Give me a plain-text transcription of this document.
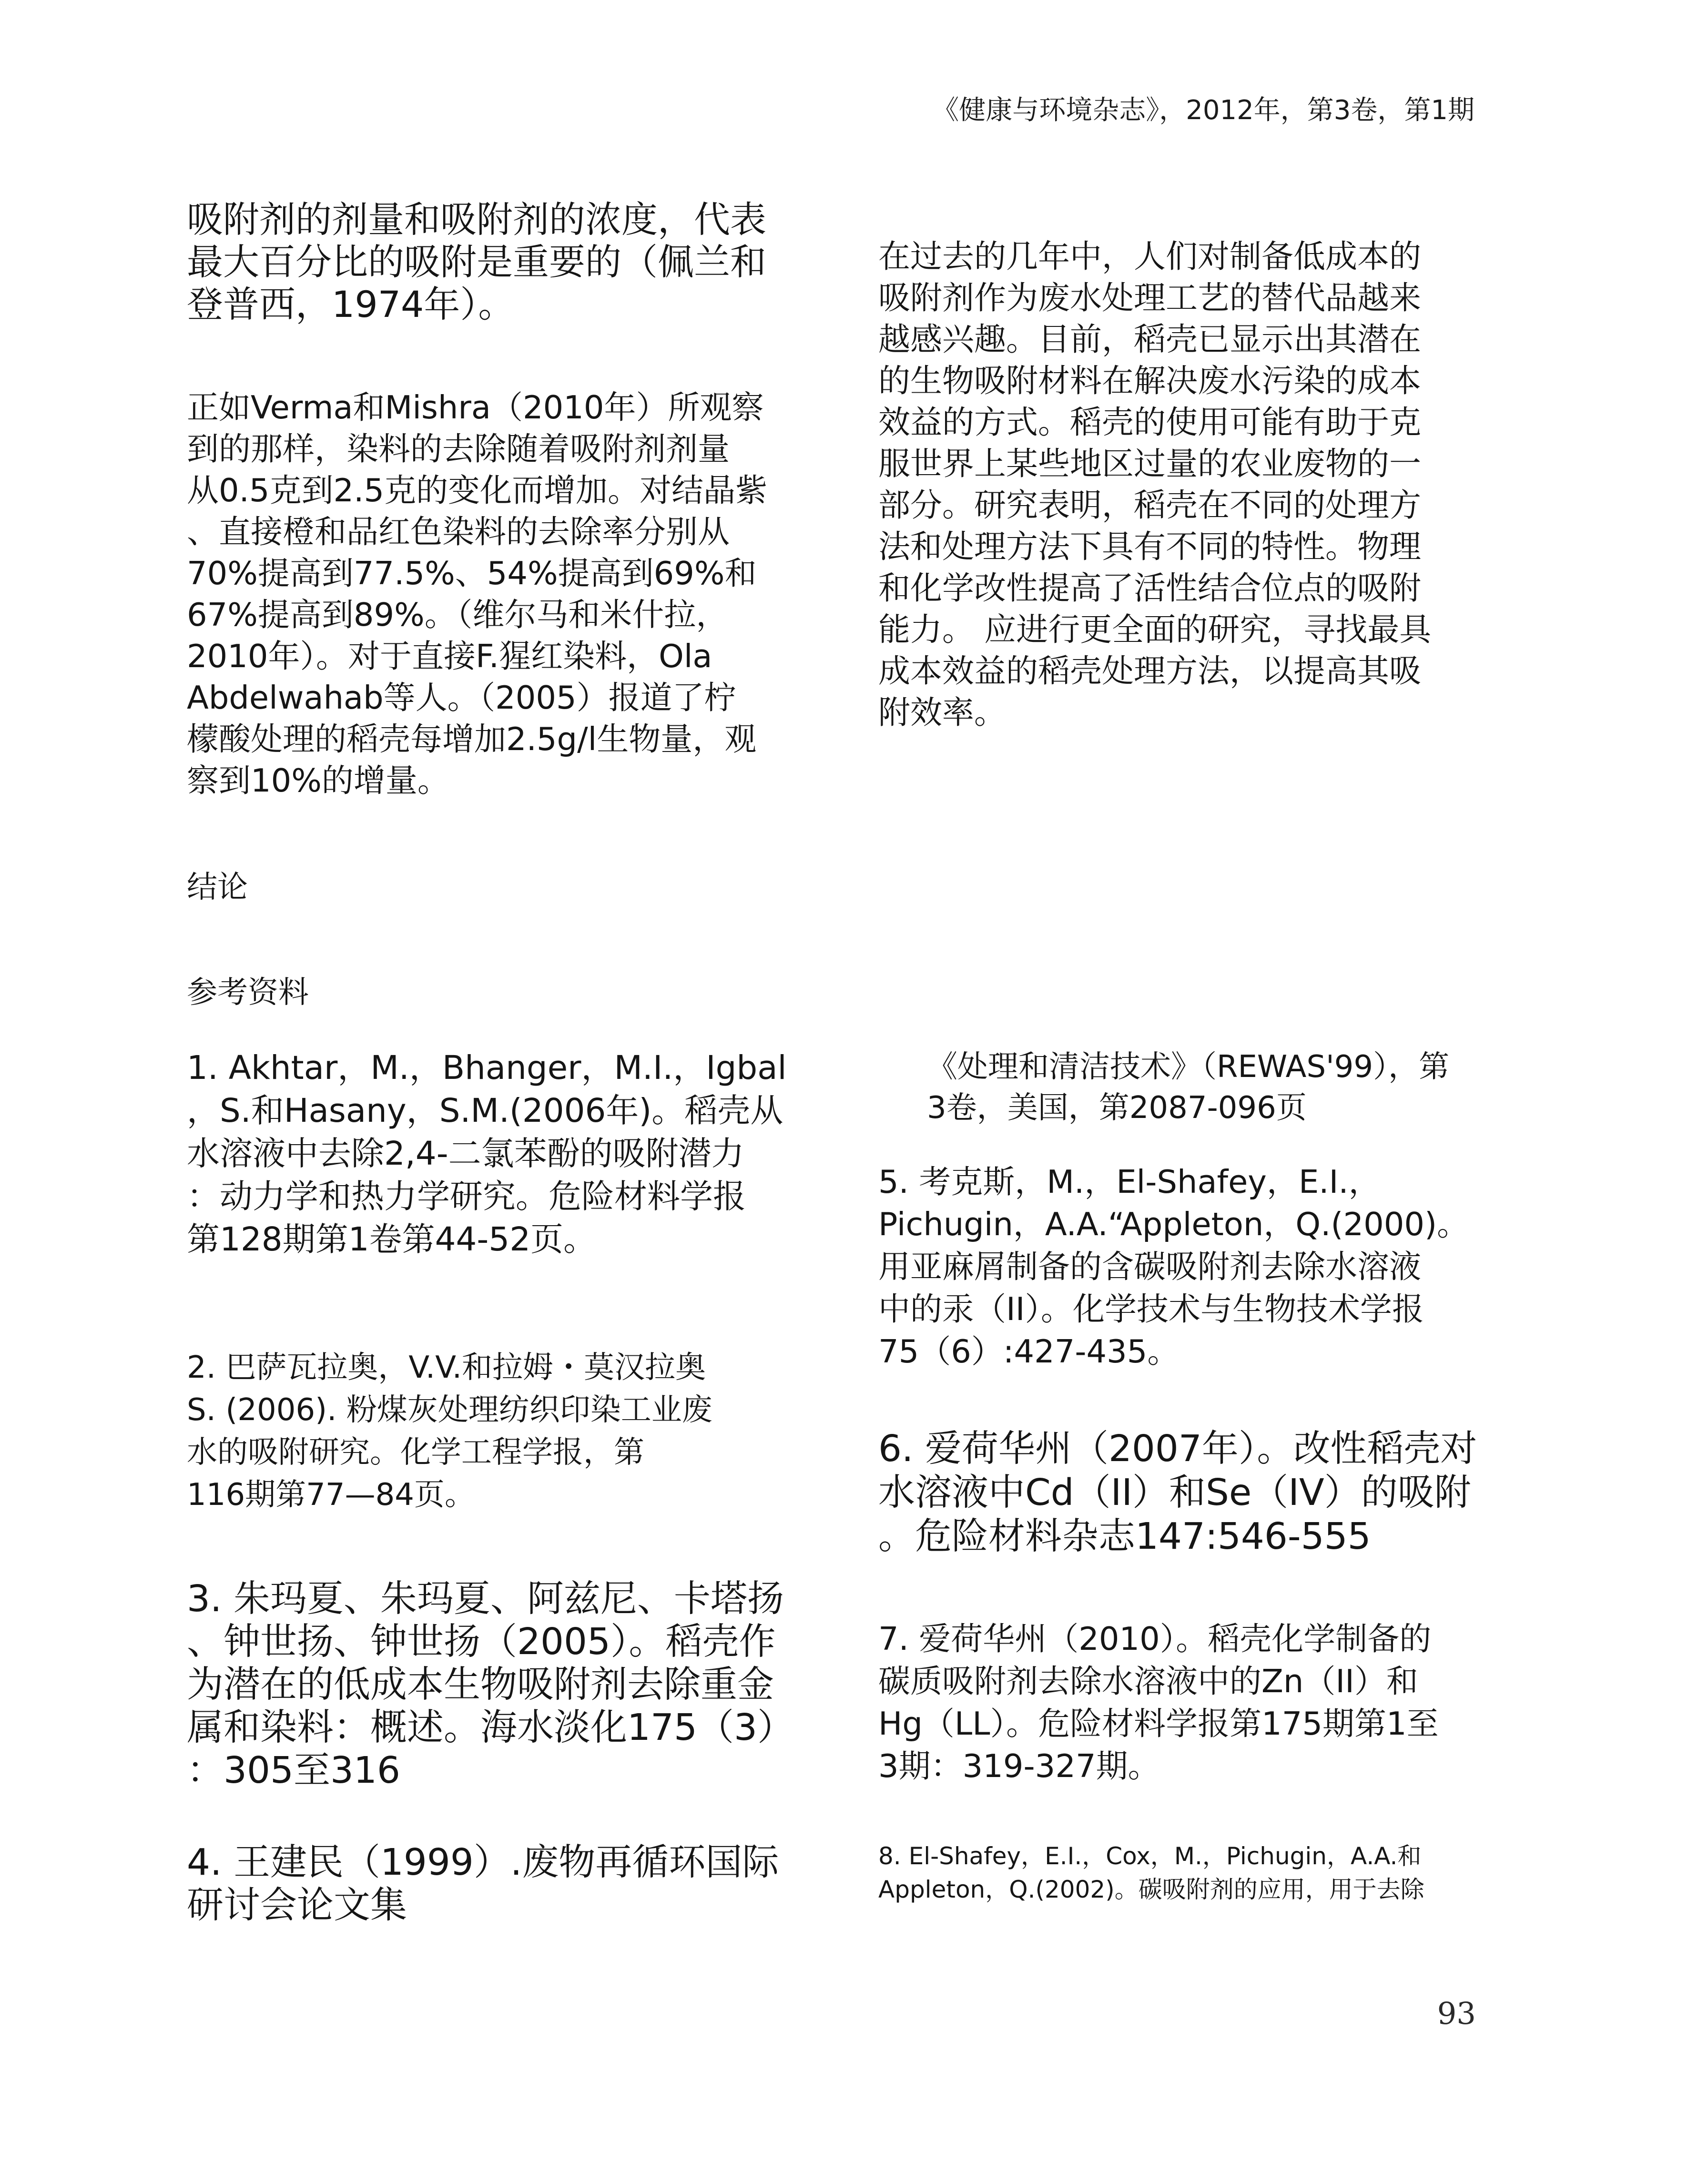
《健康与环境杂志》，2012年，第3卷，第1期

吸附剂的剂量和吸附剂的浓度，代表
最大百分比的吸附是重要的（佩兰和
登普西，1974年）。

正如Verma和Mishra（2010年）所观察
到的那样，染料的去除随着吸附剂剂量
从0.5克到2.5克的变化而增加。对结晶紫
、直接橙和品红色染料的去除率分别从
70%提高到77.5%、54%提高到69%和
67%提高到89%。（维尔马和米什拉，
2010年）。对于直接F.猩红染料，Ola
Abdelwahab等人。（2005）报道了柠
檬酸处理的稻壳每增加2.5g/l生物量，观
察到10%的增量。

在过去的几年中，人们对制备低成本的
吸附剂作为废水处理工艺的替代品越来
越感兴趣。目前，稻壳已显示出其潜在
的生物吸附材料在解决废水污染的成本
效益的方式。稻壳的使用可能有助于克
服世界上某些地区过量的农业废物的一
部分。研究表明，稻壳在不同的处理方
法和处理方法下具有不同的特性。物理
和化学改性提高了活性结合位点的吸附
能力。 应进行更全面的研究，寻找最具
成本效益的稻壳处理方法，以提高其吸
附效率。

结论

参考资料

1. Akhtar，M.，Bhanger，M.I.，Igbal
，S.和Hasany，S.M.(2006年)。稻壳从
水溶液中去除2,4-二氯苯酚的吸附潜力
：动力学和热力学研究。危险材料学报
第128期第1卷第44-52页。

2. 巴萨瓦拉奥，V.V.和拉姆・莫汉拉奥
S. (2006). 粉煤灰处理纺织印染工业废
水的吸附研究。化学工程学报，第
116期第77—84页。

3. 朱玛夏、朱玛夏、阿兹尼、卡塔扬
、钟世扬、钟世扬（2005）。稻壳作
为潜在的低成本生物吸附剂去除重金
属和染料：概述。海水淡化175（3）
：305至316

4. 王建民（1999）.废物再循环国际
研讨会论文集

《处理和清洁技术》（REWAS'99），第
3卷，美国，第2087-096页

5. 考克斯，M.，El-Shafey，E.I.，
Pichugin，A.A.“Appleton，Q.(2000)。
用亚麻屑制备的含碳吸附剂去除水溶液
中的汞（II）。化学技术与生物技术学报
75（6）:427-435。

6. 爱荷华州（2007年）。改性稻壳对
水溶液中Cd（II）和Se（IV）的吸附
。危险材料杂志147:546-555

7. 爱荷华州（2010）。稻壳化学制备的
碳质吸附剂去除水溶液中的Zn（II）和
Hg（LL）。危险材料学报第175期第1至
3期：319-327期。

8. El-Shafey，E.I.，Cox，M.，Pichugin，A.A.和
Appleton，Q.(2002)。碳吸附剂的应用，用于去除

93
